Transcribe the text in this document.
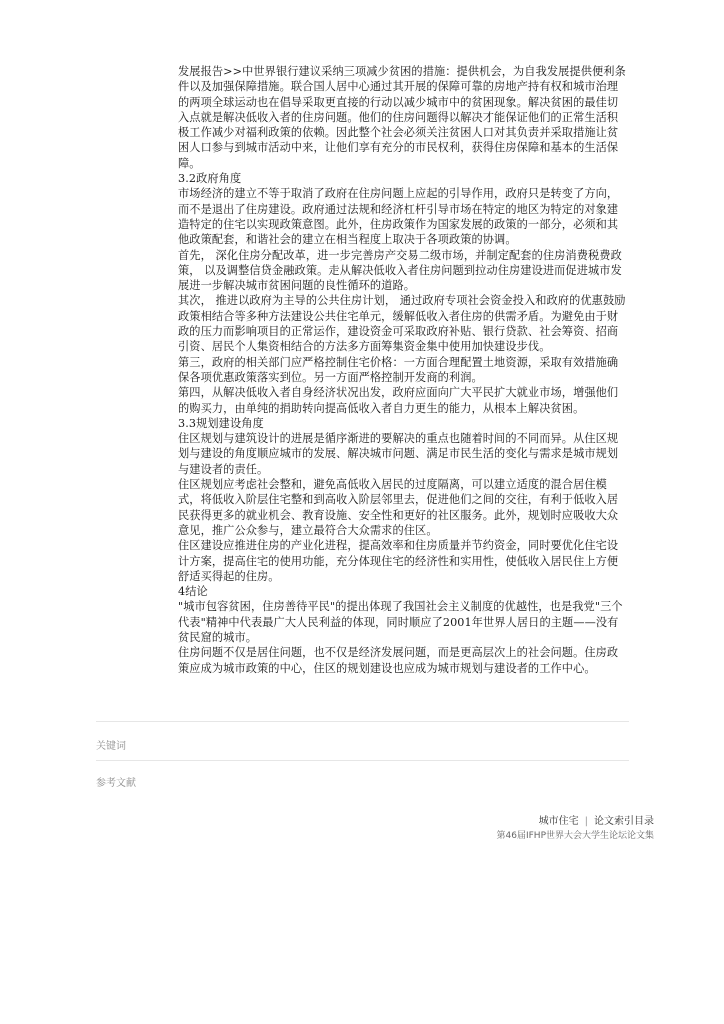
发展报告>>中世界银行建议采纳三项减少贫困的措施：提供机会，为自我发展提供便利条件以及加强保障措施。联合国人居中心通过其开展的保障可靠的房地产持有权和城市治理的两项全球运动也在倡导采取更直接的行动以减少城市中的贫困现象。解决贫困的最佳切入点就是解决低收入者的住房问题。他们的住房问题得以解决才能保证他们的正常生活积极工作减少对福利政策的依赖。因此整个社会必须关注贫困人口对其负责并采取措施让贫困人口参与到城市活动中来，让他们享有充分的市民权利，获得住房保障和基本的生活保障。

3.2政府角度

市场经济的建立不等于取消了政府在住房问题上应起的引导作用，政府只是转变了方向，而不是退出了住房建设。政府通过法规和经济杠杆引导市场在特定的地区为特定的对象建造特定的住宅以实现政策意图。此外，住房政策作为国家发展的政策的一部分，必须和其他政策配套，和谐社会的建立在相当程度上取决于各项政策的协调。

首先， 深化住房分配改革，进一步完善房产交易二级市场，并制定配套的住房消费税费政策， 以及调整信贷金融政策。走从解决低收入者住房问题到拉动住房建设进而促进城市发展进一步解决城市贫困问题的良性循环的道路。

其次， 推进以政府为主导的公共住房计划， 通过政府专项社会资金投入和政府的优惠鼓励政策相结合等多种方法建设公共住宅单元，缓解低收入者住房的供需矛盾。为避免由于财政的压力而影响项目的正常运作，建设资金可采取政府补贴、银行贷款、社会筹资、招商引资、居民个人集资相结合的方法多方面筹集资金集中使用加快建设步伐。

第三，政府的相关部门应严格控制住宅价格：一方面合理配置土地资源，采取有效措施确保各项优惠政策落实到位。另一方面严格控制开发商的利润。

第四，从解决低收入者自身经济状况出发，政府应面向广大平民扩大就业市场，增强他们的购买力，由单纯的捐助转向提高低收入者自力更生的能力，从根本上解决贫困。

3.3规划建设角度

住区规划与建筑设计的进展是循序渐进的要解决的重点也随着时间的不同而异。从住区规划与建设的角度顺应城市的发展、解决城市问题、满足市民生活的变化与需求是城市规划与建设者的责任。

住区规划应考虑社会整和，避免高低收入居民的过度隔离，可以建立适度的混合居住模式，将低收入阶层住宅整和到高收入阶层邻里去，促进他们之间的交往，有利于低收入居民获得更多的就业机会、教育设施、安全性和更好的社区服务。此外，规划时应吸收大众意见，推广公众参与，建立最符合大众需求的住区。

住区建设应推进住房的产业化进程，提高效率和住房质量并节约资金，同时要优化住宅设计方案，提高住宅的使用功能，充分体现住宅的经济性和实用性，使低收入居民住上方便舒适买得起的住房。

4结论

"城市包容贫困，住房善待平民"的提出体现了我国社会主义制度的优越性，也是我党"三个代表"精神中代表最广大人民利益的体现，同时顺应了2001年世界人居日的主题——没有贫民窟的城市。

住房问题不仅是居住问题，也不仅是经济发展问题，而是更高层次上的社会问题。住房政策应成为城市政策的中心，住区的规划建设也应成为城市规划与建设者的工作中心。

关键词
参考文献
城市住宅 | 论文索引目录
第46届IFHP世界大会大学生论坛论文集
